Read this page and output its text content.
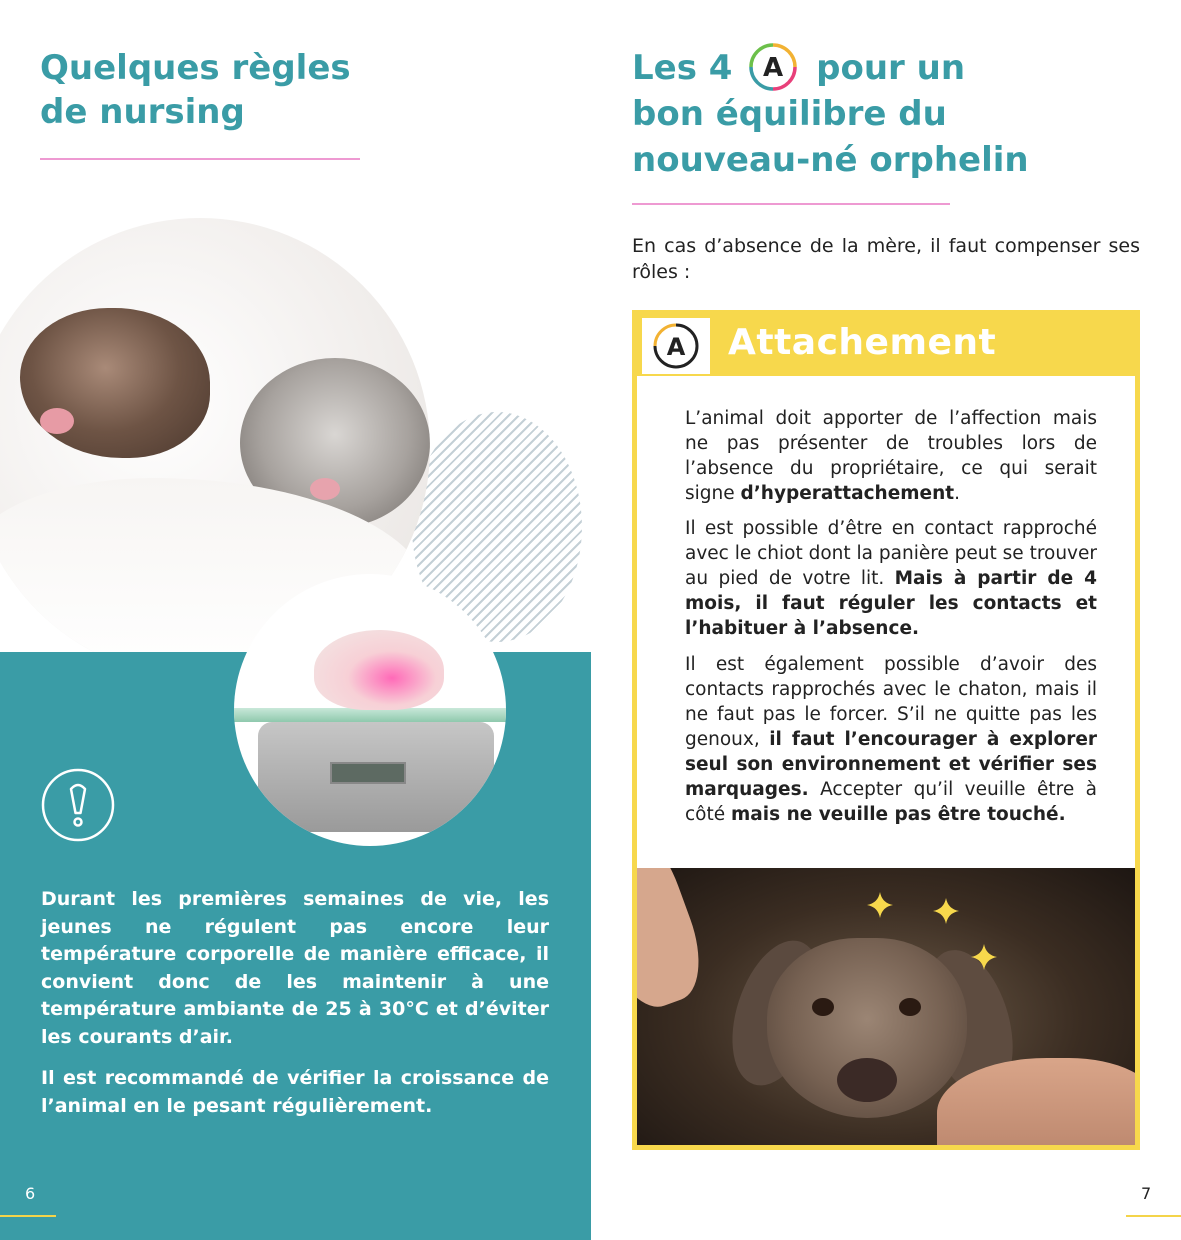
Quelques règles de nursing

Durant les premières semaines de vie, les jeunes ne régulent pas encore leur température corporelle de manière efficace, il convient donc de les maintenir à une température ambiante de 25 à 30°C et d’éviter les courants d’air.

Il est recommandé de vérifier la croissance de l’animal en le pesant régulièrement.

6
Les 4 A pour un
bon équilibre du
nouveau-né orphelin

En cas d’absence de la mère, il faut compenser ses rôles :

A Attachement

L’animal doit apporter de l’affection mais ne pas présenter de troubles lors de l’absence du propriétaire, ce qui serait signe d’hyperattachement.

Il est possible d’être en contact rapproché avec le chiot dont la panière peut se trouver au pied de votre lit. Mais à partir de 4 mois, il faut réguler les contacts et l’habituer à l’absence.

Il est également possible d’avoir des contacts rapprochés avec le chaton, mais il ne faut pas le forcer. S’il ne quitte pas les genoux, il faut l’encourager à explorer seul son environnement et vérifier ses marquages. Accepter qu’il veuille être à côté mais ne veuille pas être touché.

7
